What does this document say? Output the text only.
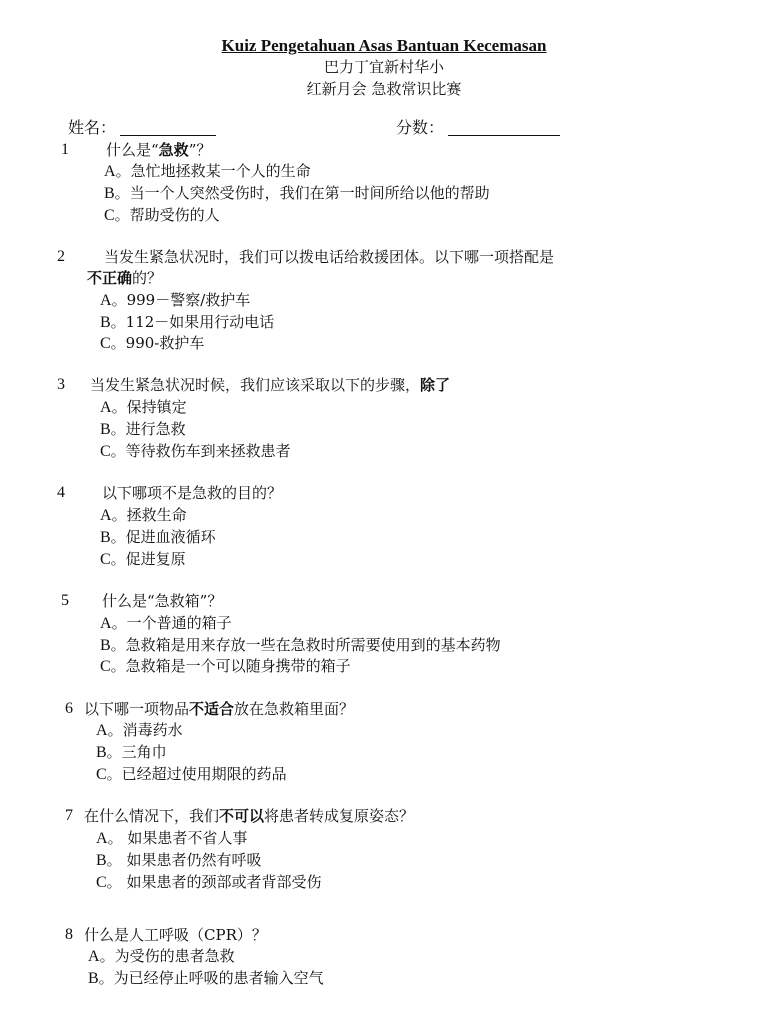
Kuiz Pengetahuan Asas Bantuan Kecemasan
巴力丁宜新村华小
红新月会 急救常识比赛
姓名：	分数：
1 什么是“急救”？
A。急忙地拯救某一个人的生命
B。当一个人突然受伤时，我们在第一时间所给以他的帮助
C。帮助受伤的人
2	当发生紧急状况时，我们可以拨电话给救援团体。以下哪一项搭配是
不正确的？
A。999－警察/救护车
B。112－如果用行动电话
C。990-救护车
3 当发生紧急状况时候，我们应该采取以下的步骤，除了
A。保持镇定
B。进行急救
C。等待救伤车到来拯救患者
4 以下哪项不是急救的目的？
A。拯救生命
B。促进血液循环
C。促进复原
5 什么是“急救箱”？
A。一个普通的箱子
B。急救箱是用来存放一些在急救时所需要使用到的基本药物
C。急救箱是一个可以随身携带的箱子
6 以下哪一项物品不适合放在急救箱里面？
A。消毒药水
B。三角巾
C。已经超过使用期限的药品
7 在什么情况下，我们不可以将患者转成复原姿态？
A。 如果患者不省人事
B。 如果患者仍然有呼吸
C。 如果患者的颈部或者背部受伤
8 什么是人工呼吸（CPR）？
A。为受伤的患者急救
B。为已经停止呼吸的患者输入空气
